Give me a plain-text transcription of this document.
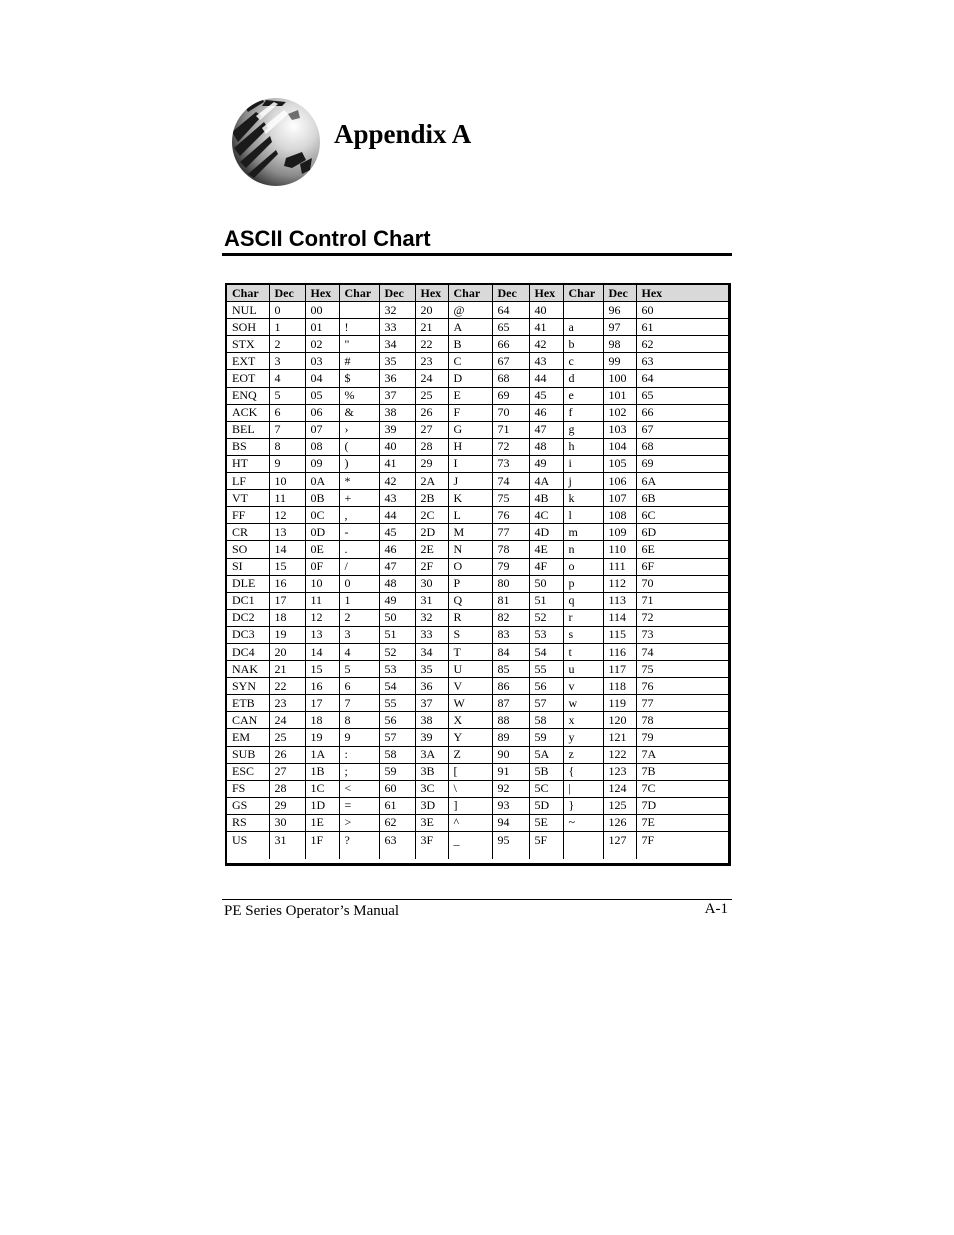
Appendix A
ASCII Control Chart
Char	Dec	Hex	Char	Dec	Hex	Char	Dec	Hex	Char	Dec	Hex
NUL	0	00		32	20	@	64	40		96	60
SOH	1	01	!	33	21	A	65	41	a	97	61
STX	2	02	"	34	22	B	66	42	b	98	62
EXT	3	03	#	35	23	C	67	43	c	99	63
EOT	4	04	$	36	24	D	68	44	d	100	64
ENQ	5	05	%	37	25	E	69	45	e	101	65
ACK	6	06	&	38	26	F	70	46	f	102	66
BEL	7	07	›	39	27	G	71	47	g	103	67
BS	8	08	(	40	28	H	72	48	h	104	68
HT	9	09	)	41	29	I	73	49	i	105	69
LF	10	0A	*	42	2A	J	74	4A	j	106	6A
VT	11	0B	+	43	2B	K	75	4B	k	107	6B
FF	12	0C	,	44	2C	L	76	4C	l	108	6C
CR	13	0D	-	45	2D	M	77	4D	m	109	6D
SO	14	0E	.	46	2E	N	78	4E	n	110	6E
SI	15	0F	/	47	2F	O	79	4F	o	111	6F
DLE	16	10	0	48	30	P	80	50	p	112	70
DC1	17	11	1	49	31	Q	81	51	q	113	71
DC2	18	12	2	50	32	R	82	52	r	114	72
DC3	19	13	3	51	33	S	83	53	s	115	73
DC4	20	14	4	52	34	T	84	54	t	116	74
NAK	21	15	5	53	35	U	85	55	u	117	75
SYN	22	16	6	54	36	V	86	56	v	118	76
ETB	23	17	7	55	37	W	87	57	w	119	77
CAN	24	18	8	56	38	X	88	58	x	120	78
EM	25	19	9	57	39	Y	89	59	y	121	79
SUB	26	1A	:	58	3A	Z	90	5A	z	122	7A
ESC	27	1B	;	59	3B	[	91	5B	{	123	7B
FS	28	1C	<	60	3C	\	92	5C	|	124	7C
GS	29	1D	=	61	3D	]	93	5D	}	125	7D
RS	30	1E	>	62	3E	^	94	5E	~	126	7E
US	31	1F	?	63	3F	_	95	5F		127	7F
PE Series Operator’s Manual	A-1
